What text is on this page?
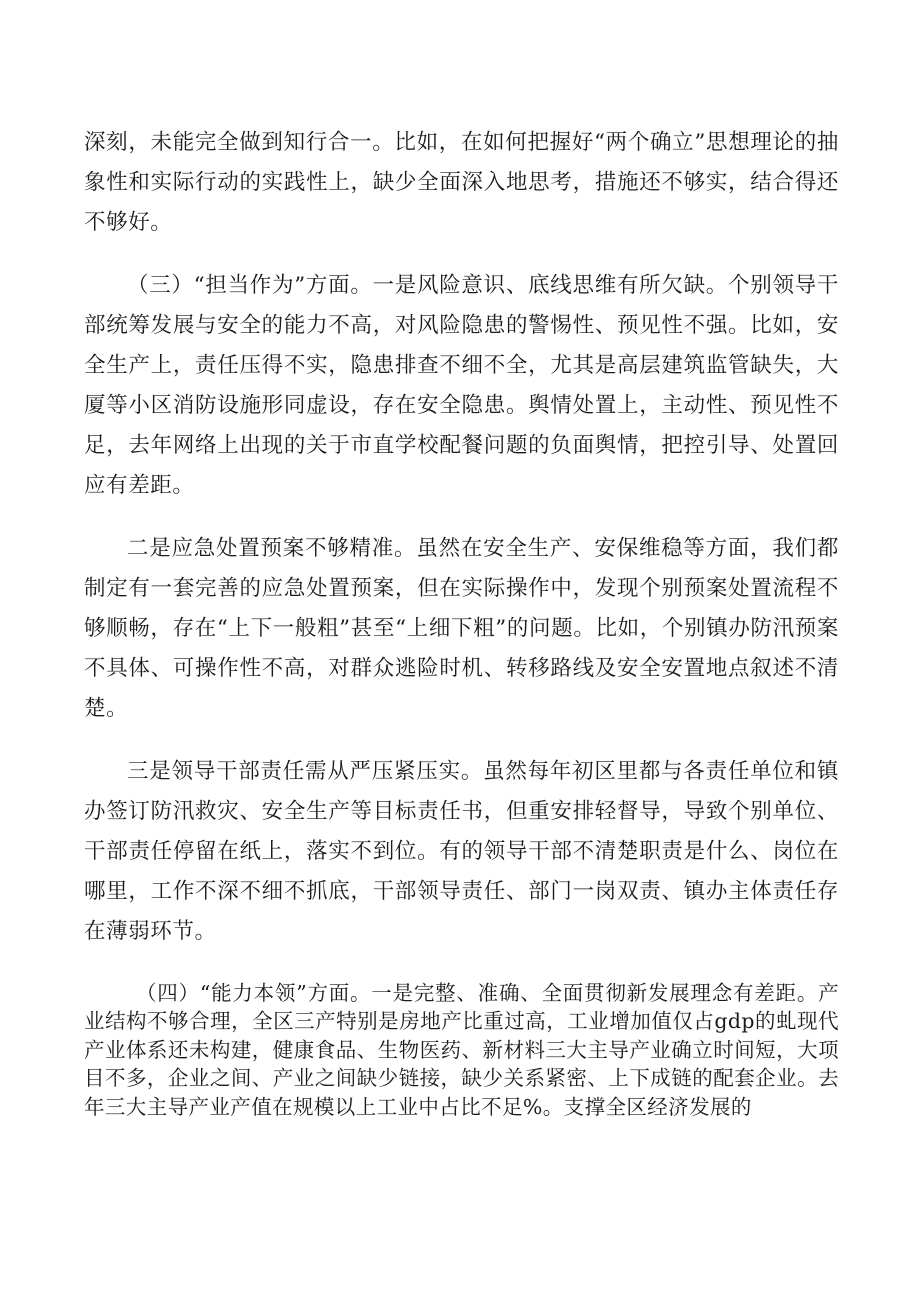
深刻，未能完全做到知行合一。比如，在如何把握好“两个确立”思想理论的抽象性和实际行动的实践性上，缺少全面深入地思考，措施还不够实，结合得还不够好。

（三）“担当作为”方面。一是风险意识、底线思维有所欠缺。个别领导干部统筹发展与安全的能力不高，对风险隐患的警惕性、预见性不强。比如，安全生产上，责任压得不实，隐患排查不细不全，尤其是高层建筑监管缺失，大厦等小区消防设施形同虚设，存在安全隐患。舆情处置上，主动性、预见性不足，去年网络上出现的关于市直学校配餐问题的负面舆情，把控引导、处置回应有差距。

二是应急处置预案不够精准。虽然在安全生产、安保维稳等方面，我们都制定有一套完善的应急处置预案，但在实际操作中，发现个别预案处置流程不够顺畅，存在“上下一般粗”甚至“上细下粗”的问题。比如，个别镇办防汛预案不具体、可操作性不高，对群众逃险时机、转移路线及安全安置地点叙述不清楚。

三是领导干部责任需从严压紧压实。虽然每年初区里都与各责任单位和镇办签订防汛救灾、安全生产等目标责任书，但重安排轻督导，导致个别单位、干部责任停留在纸上，落实不到位。有的领导干部不清楚职责是什么、岗位在哪里，工作不深不细不抓底，干部领导责任、部门一岗双责、镇办主体责任存在薄弱环节。

（四）“能力本领”方面。一是完整、准确、全面贯彻新发展理念有差距。产业结构不够合理，全区三产特别是房地产比重过高，工业增加值仅占gdp的虬现代产业体系还未构建，健康食品、生物医药、新材料三大主导产业确立时间短，大项目不多，企业之间、产业之间缺少链接，缺少关系紧密、上下成链的配套企业。去年三大主导产业产值在规模以上工业中占比不足%。支撑全区经济发展的
